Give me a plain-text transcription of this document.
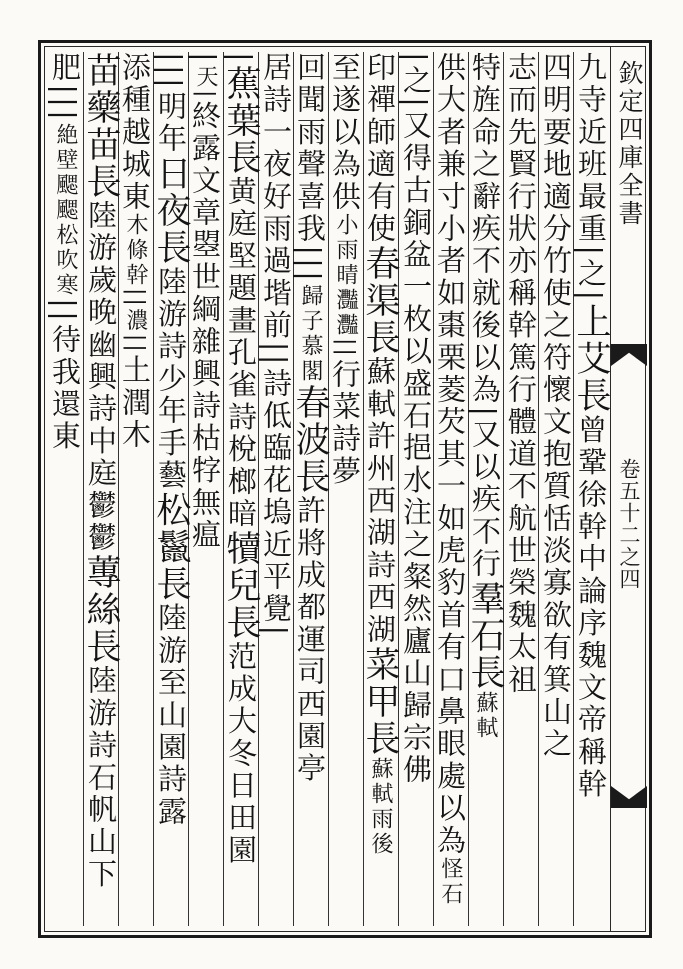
欽定四庫全書
卷五十二之四
九寺近班最重|之|上艾長曾鞏徐幹中論序魏文帝稱幹
四明要地適分竹使之符懷文抱質恬淡寡欲有箕山之
志而先賢行狀亦稱幹篤行體道不航世榮魏太祖
特旌命之辭疾不就後以為|又以疾不行羣石長蘇軾
供大者兼寸小者如棗栗菱芡其一如虎豹首有口鼻眼處以為怪石
|之|又得古銅盆一枚以盛石挹水注之粲然廬山歸宗佛
印禪師適有使春渠長蘇軾許州西湖詩西湖菜甲長蘇軾雨後
至遂以為供小雨晴灩灩||行菜詩夢
回聞雨聲喜我|||歸子慕閣春波長許將成都運司西園亭
居詩一夜好雨過堦前||詩低臨花塢近平覺|
|蕉葉長黄庭堅題畫孔雀詩梲榔暗犢兒長范成大冬日田園
|天|終露文章曌世綱雜興詩枯牸無瘟
|||明年日夜長陸游詩少年手藝松鬣長陸游至山園詩露
添種越城東木條幹||濃||土潤木
苗藥苗長陸游歲晚幽興詩中庭鬱鬱蓴絲長陸游詩石帆山下
肥|||絶壁颸颸松吹寒||待我還東
